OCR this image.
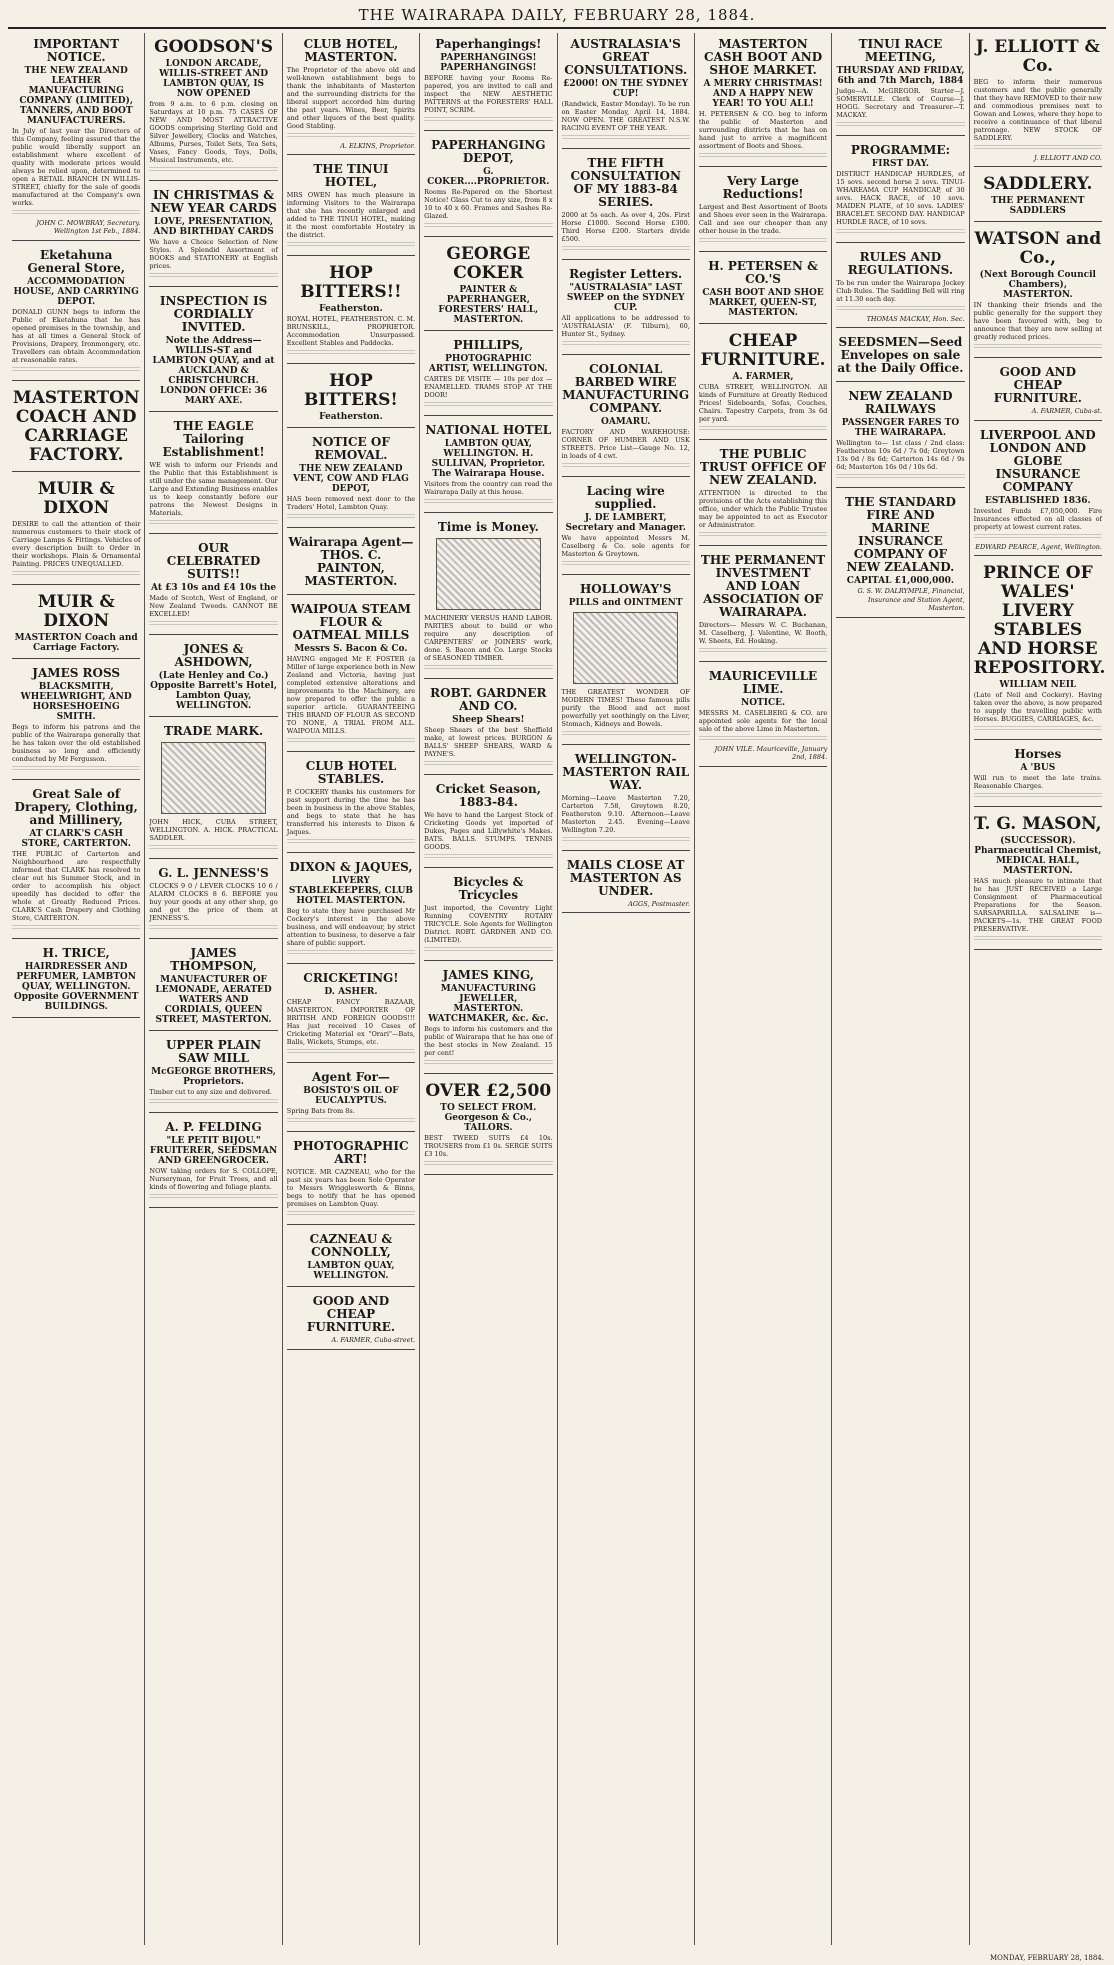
THE WAIRARAPA DAILY, FEBRUARY 28, 1884.
IMPORTANT NOTICE.
THE NEW ZEALAND LEATHER MANUFACTURING COMPANY (LIMITED), TANNERS, AND BOOT MANUFACTURERS.
In July of last year the Directors of this Company, feeling assured that the public would liberally support an establishment where excellent of quality with moderate prices would always be relied upon, determined to open a RETAIL BRANCH IN WILLIS-STREET, chiefly for the sale of goods manufactured at the Company's own works.
JOHN C. MOWBRAY, Secretary. Wellington 1st Feb., 1884.
Eketahuna General Store,
ACCOMMODATION HOUSE, AND CARRYING DEPOT.
DONALD GUNN begs to inform the Public of Eketahuna that he has opened premises in the township, and has at all times a General Stock of Provisions, Drapery, Ironmongery, etc. Travellers can obtain Accommodation at reasonable rates.
MASTERTON COACH AND CARRIAGE FACTORY.
MUIR & DIXON
DESIRE to call the attention of their numerous customers to their stock of Carriage Lamps & Fittings. Vehicles of every description built to Order in their workshops. Plain & Ornamental Painting. PRICES UNEQUALLED.
MUIR & DIXON
MASTERTON Coach and Carriage Factory.
JAMES ROSS
BLACKSMITH, WHEELWRIGHT, AND HORSESHOEING SMITH.
Begs to inform his patrons and the public of the Wairarapa generally that he has taken over the old established business so long and efficiently conducted by Mr Fergusson.
Great Sale of Drapery, Clothing, and Millinery,
AT CLARK'S CASH STORE, CARTERTON.
THE PUBLIC of Carterton and Neighbourhood are respectfully informed that CLARK has resolved to clear out his Summer Stock, and in order to accomplish his object speedily has decided to offer the whole at Greatly Reduced Prices. CLARK'S Cash Drapery and Clothing Store, CARTERTON.
H. TRICE,
HAIRDRESSER AND PERFUMER, LAMBTON QUAY, WELLINGTON. Opposite GOVERNMENT BUILDINGS.
GOODSON'S
LONDON ARCADE, WILLIS-STREET AND LAMBTON QUAY, IS NOW OPENED
from 9 a.m. to 6 p.m. closing on Saturdays at 10 p.m. 75 CASES OF NEW AND MOST ATTRACTIVE GOODS comprising Sterling Gold and Silver Jewellery, Clocks and Watches, Albums, Purses, Toilet Sets, Tea Sets, Vases, Fancy Goods, Toys, Dolls, Musical Instruments, etc.
IN CHRISTMAS & NEW YEAR CARDS
LOVE, PRESENTATION, AND BIRTHDAY CARDS
We have a Choice Selection of New Styles. A Splendid Assortment of BOOKS and STATIONERY at English prices.
INSPECTION IS CORDIALLY INVITED.
Note the Address— WILLIS-ST and LAMBTON QUAY, and at AUCKLAND & CHRISTCHURCH. LONDON OFFICE: 36 MARY AXE.
THE EAGLE Tailoring Establishment!
WE wish to inform our Friends and the Public that this Establishment is still under the same management. Our Large and Extending Business enables us to keep constantly before our patrons the Newest Designs in Materials.
OUR CELEBRATED SUITS!!
At £3 10s and £4 10s the
Made of Scotch, West of England, or New Zealand Tweeds. CANNOT BE EXCELLED!
JONES & ASHDOWN,
(Late Henley and Co.) Opposite Barrett's Hotel, Lambton Quay, WELLINGTON.
TRADE MARK.
JOHN HICK, CUBA STREET, WELLINGTON. A. HICK. PRACTICAL SADDLER.
G. L. JENNESS'S
CLOCKS 9 0 / LEVER CLOCKS 10 6 / ALARM CLOCKS 8 6. BEFORE you buy your goods at any other shop, go and get the price of them at JENNESS'S.
JAMES THOMPSON,
MANUFACTURER OF LEMONADE, AERATED WATERS AND CORDIALS, QUEEN STREET, MASTERTON.
UPPER PLAIN SAW MILL
McGEORGE BROTHERS, Proprietors.
Timber cut to any size and delivered.
A. P. FELDING
"LE PETIT BIJOU." FRUITERER, SEEDSMAN AND GREENGROCER.
NOW taking orders for S. COLLOPE, Nurseryman, for Fruit Trees, and all kinds of flowering and foliage plants.
CLUB HOTEL, MASTERTON.
The Proprietor of the above old and well-known establishment begs to thank the inhabitants of Masterton and the surrounding districts for the liberal support accorded him during the past years. Wines, Beer, Spirits and other liquors of the best quality. Good Stabling.
A. ELKINS, Proprietor.
THE TINUI HOTEL,
MRS OWEN has much pleasure in informing Visitors to the Wairarapa that she has recently enlarged and added to THE TINUI HOTEL, making it the most comfortable Hostelry in the district.
HOP BITTERS!!
Featherston.
ROYAL HOTEL, FEATHERSTON. C. M. BRUNSKILL, PROPRIETOR. Accommodation Unsurpassed. Excellent Stables and Paddocks.
HOP BITTERS!
Featherston.
NOTICE OF REMOVAL.
THE NEW ZEALAND VENT, COW AND FLAG DEPOT,
HAS been removed next door to the Traders' Hotel, Lambton Quay.
Wairarapa Agent— THOS. C. PAINTON, MASTERTON.
WAIPOUA STEAM FLOUR & OATMEAL MILLS
Messrs S. Bacon & Co.
HAVING engaged Mr F. FOSTER (a Miller of large experience both in New Zealand and Victoria, having just completed extensive alterations and improvements to the Machinery, are now prepared to offer the public a superior article. GUARANTEEING THIS BRAND OF FLOUR AS SECOND TO NONE, A TRIAL FROM ALL. WAIPOUA MILLS.
CLUB HOTEL STABLES.
P. COCKERY thanks his customers for past support during the time he has been in business in the above Stables, and begs to state that he has transferred his interests to Dixon & Jaques.
DIXON & JAQUES,
LIVERY STABLEKEEPERS, CLUB HOTEL MASTERTON.
Beg to state they have purchased Mr Cockery's interest in the above business, and will endeavour, by strict attention to business, to deserve a fair share of public support.
CRICKETING!
D. ASHER.
CHEAP FANCY BAZAAR, MASTERTON. IMPORTER OF BRITISH AND FOREIGN GOODS!!! Has just received 10 Cases of Cricketing Material ex "Orari"—Bats, Balls, Wickets, Stumps, etc.
Agent For—
BOSISTO'S OIL OF EUCALYPTUS.
Spring Bats from 8s.
PHOTOGRAPHIC ART!
NOTICE. MR CAZNEAU, who for the past six years has been Sole Operator to Messrs Wrigglesworth & Binns, begs to notify that he has opened premises on Lambton Quay.
CAZNEAU & CONNOLLY,
LAMBTON QUAY, WELLINGTON.
GOOD AND CHEAP FURNITURE.
A. FARMER, Cuba-street.
Paperhangings!
PAPERHANGINGS! PAPERHANGINGS!
BEFORE having your Rooms Re-papered, you are invited to call and inspect the NEW AESTHETIC PATTERNS at the FORESTERS' HALL POINT, SCRIM.
PAPERHANGING DEPOT,
G. COKER....PROPRIETOR.
Rooms Re-Papered on the Shortest Notice! Glass Cut to any size, from 8 x 10 to 40 x 60. Frames and Sashes Re-Glazed.
GEORGE COKER
PAINTER & PAPERHANGER, FORESTERS' HALL, MASTERTON.
PHILLIPS,
PHOTOGRAPHIC ARTIST, WELLINGTON.
CARTES DE VISITE — 10s per doz — ENAMELLED. TRAMS STOP AT THE DOOR!
NATIONAL HOTEL
LAMBTON QUAY, WELLINGTON. H. SULLIVAN, Proprietor. The Wairarapa House.
Visitors from the country can read the Wairarapa Daily at this house.
Time is Money.
MACHINERY VERSUS HAND LABOR. PARTIES about to build or who require any description of CARPENTERS' or JOINERS' work, done. S. Bacon and Co. Large Stocks of SEASONED TIMBER.
ROBT. GARDNER AND CO.
Sheep Shears!
Sheep Shears of the best Sheffield make, at lowest prices. BURGON & BALLS' SHEEP SHEARS, WARD & PAYNE'S.
Cricket Season, 1883-84.
We have to hand the Largest Stock of Cricketing Goods yet imported of Dukes, Pages and Lillywhite's Makes. BATS. BALLS. STUMPS. TENNIS GOODS.
Bicycles & Tricycles
Just imported, the Coventry Light Running COVENTRY ROTARY TRICYCLE. Sole Agents for Wellington District. ROBT. GARDNER AND CO. (LIMITED).
JAMES KING,
MANUFACTURING JEWELLER, MASTERTON. WATCHMAKER, &c. &c.
Begs to inform his customers and the public of Wairarapa that he has one of the best stocks in New Zealand. 15 per cent!
OVER £2,500
TO SELECT FROM. Georgeson & Co., TAILORS.
BEST TWEED SUITS £4 10s. TROUSERS from £1 0s. SERGE SUITS £3 10s.
AUSTRALASIA'S GREAT CONSULTATIONS.
£2000! ON THE SYDNEY CUP!
(Randwick, Easter Monday). To be run on Easter Monday, April 14, 1884. NOW OPEN. THE GREATEST N.S.W. RACING EVENT OF THE YEAR.
THE FIFTH CONSULTATION OF MY 1883-84 SERIES.
2000 at 5s each. As over 4, 20s. First Horse £1000. Second Horse £300. Third Horse £200. Starters divide £500.
Register Letters.
"AUSTRALASIA" LAST SWEEP on the SYDNEY CUP.
All applications to be addressed to 'AUSTRALASIA' (F. Tilburn), 60, Hunter St., Sydney.
COLONIAL BARBED WIRE MANUFACTURING COMPANY.
OAMARU.
FACTORY AND WAREHOUSE: CORNER OF HUMBER AND USK STREETS. Price List—Gauge No. 12, in loads of 4 cwt.
Lacing wire supplied.
J. DE LAMBERT, Secretary and Manager.
We have appointed Messrs M. Caselberg & Co. sole agents for Masterton & Greytown.
HOLLOWAY'S
PILLS and OINTMENT
THE GREATEST WONDER OF MODERN TIMES! These famous pills purify the Blood and act most powerfully yet soothingly on the Liver, Stomach, Kidneys and Bowels.
WELLINGTON-MASTERTON RAIL WAY.
Morning—Leave Masterton 7.20, Carterton 7.58, Greytown 8.20, Featherston 9.10. Afternoon—Leave Masterton 2.45. Evening—Leave Wellington 7.20.
MAILS CLOSE AT MASTERTON AS UNDER.
AGGS, Postmaster.
MASTERTON CASH BOOT AND SHOE MARKET.
A MERRY CHRISTMAS! AND A HAPPY NEW YEAR! TO YOU ALL!
H. PETERSEN & CO. beg to inform the public of Masterton and surrounding districts that he has on hand just to arrive a magnificent assortment of Boots and Shoes.
Very Large Reductions!
Largest and Best Assortment of Boots and Shoes ever seen in the Wairarapa. Call and see our cheaper than any other house in the trade.
H. PETERSEN & CO.'S
CASH BOOT AND SHOE MARKET, QUEEN-ST, MASTERTON.
CHEAP FURNITURE.
A. FARMER,
CUBA STREET, WELLINGTON. All kinds of Furniture at Greatly Reduced Prices! Sideboards, Sofas, Couches, Chairs. Tapestry Carpets, from 3s 6d per yard.
THE PUBLIC TRUST OFFICE OF NEW ZEALAND.
ATTENTION is directed to the provisions of the Acts establishing this office, under which the Public Trustee may be appointed to act as Executor or Administrator.
THE PERMANENT INVESTMENT AND LOAN ASSOCIATION OF WAIRARAPA.
Directors— Messrs W. C. Buchanan, M. Caselberg, J. Valentine, W. Booth, W. Sheets, Ed. Hosking.
MAURICEVILLE LIME.
NOTICE.
MESSRS M. CASELBERG & CO. are appointed sole agents for the local sale of the above Lime in Masterton.
JOHN VILE. Mauriceville, January 2nd, 1884.
TINUI RACE MEETING,
THURSDAY AND FRIDAY, 6th and 7th March, 1884
Judge—A. McGREGOR. Starter—J. SOMERVILLE. Clerk of Course—J. HOGG. Secretary and Treasurer—T. MACKAY.
PROGRAMME:
FIRST DAY.
DISTRICT HANDICAP HURDLES, of 15 sovs. second horse 2 sovs. TINUI-WHAREAMA CUP HANDICAP, of 30 sovs. HACK RACE, of 10 sovs. MAIDEN PLATE, of 10 sovs. LADIES' BRACELET. SECOND DAY. HANDICAP HURDLE RACE, of 10 sovs.
RULES AND REGULATIONS.
To be run under the Wairarapa Jockey Club Rules. The Saddling Bell will ring at 11.30 each day.
THOMAS MACKAY, Hon. Sec.
SEEDSMEN—Seed Envelopes on sale at the Daily Office.
NEW ZEALAND RAILWAYS
PASSENGER FARES TO THE WAIRARAPA.
Wellington to— 1st class / 2nd class: Featherston 10s 6d / 7s 0d; Greytown 13s 0d / 8s 6d; Carterton 14s 6d / 9s 6d; Masterton 16s 0d / 10s 6d.
THE STANDARD FIRE AND MARINE INSURANCE COMPANY OF NEW ZEALAND.
CAPITAL £1,000,000.
G. S. W. DALRYMPLE, Financial, Insurance and Station Agent, Masterton.
J. ELLIOTT & Co.
BEG to inform their numerous customers and the public generally that they have REMOVED to their new and commodious premises next to Gowan and Lowes, where they hope to receive a continuance of that liberal patronage. NEW STOCK OF SADDLERY.
J. ELLIOTT AND CO.
SADDLERY.
THE PERMANENT SADDLERS
WATSON and Co.,
(Next Borough Council Chambers), MASTERTON.
IN thanking their friends and the public generally for the support they have been favoured with, beg to announce that they are now selling at greatly reduced prices.
GOOD AND CHEAP FURNITURE.
A. FARMER, Cuba-st.
LIVERPOOL AND LONDON AND GLOBE INSURANCE COMPANY
ESTABLISHED 1836.
Invested Funds £7,050,000. Fire Insurances effected on all classes of property at lowest current rates.
EDWARD PEARCE, Agent, Wellington.
PRINCE OF WALES' LIVERY STABLES AND HORSE REPOSITORY.
WILLIAM NEIL
(Late of Neil and Cockery). Having taken over the above, is now prepared to supply the travelling public with Horses. BUGGIES, CARRIAGES, &c.
Horses
A 'BUS
Will run to meet the late trains. Reasonable Charges.
T. G. MASON,
(SUCCESSOR). Pharmaceutical Chemist, MEDICAL HALL, MASTERTON.
HAS much pleasure to intimate that he has JUST RECEIVED a Large Consignment of Pharmaceutical Preparations for the Season. SARSAPARILLA. SALSALINE is—PACKETS—1s. THE GREAT FOOD PRESERVATIVE.
MONDAY, FEBRUARY 28, 1884.
